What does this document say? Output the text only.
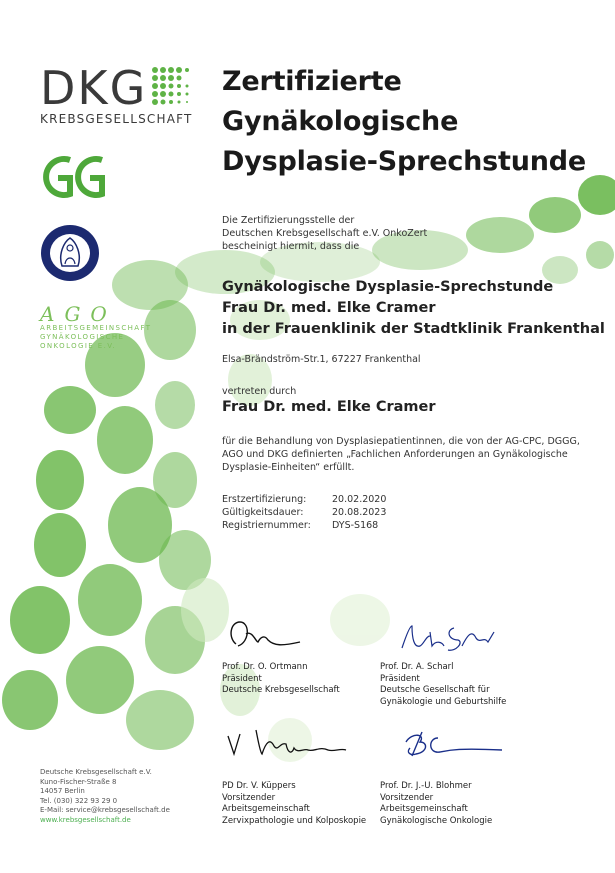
DKG
KREBSGESELLSCHAFT
AGO
ARBEITSGEMEINSCHAFT
GYNÄKOLOGISCHE
ONKOLOGIE E.V.
Zertifizierte
Gynäkologische
Dysplasie-Sprechstunde
Die Zertifizierungsstelle der
Deutschen Krebsgesellschaft e.V. OnkoZert
bescheinigt hiermit, dass die
Gynäkologische Dysplasie-Sprechstunde
Frau Dr. med. Elke Cramer
in der Frauenklinik der Stadtklinik Frankenthal
Elsa-Brändström-Str.1, 67227 Frankenthal
vertreten durch
Frau Dr. med. Elke Cramer
für die Behandlung von Dysplasiepatientinnen, die von der AG-CPC, DGGG,
AGO und DKG definierten „Fachlichen Anforderungen an Gynäkologische
Dysplasie-Einheiten“ erfüllt.
Erstzertifizierung:	20.02.2020
Gültigkeitsdauer:	20.08.2023
Registriernummer:	DYS-S168
Prof. Dr. O. Ortmann
Präsident
Deutsche Krebsgesellschaft
Prof. Dr. A. Scharl
Präsident
Deutsche Gesellschaft für
Gynäkologie und Geburtshilfe
PD Dr. V. Küppers
Vorsitzender
Arbeitsgemeinschaft
Zervixpathologie und Kolposkopie
Prof. Dr. J.-U. Blohmer
Vorsitzender
Arbeitsgemeinschaft
Gynäkologische Onkologie
Deutsche Krebsgesellschaft e.V.
Kuno-Fischer-Straße 8
14057 Berlin
Tel. (030) 322 93 29 0
E-Mail: service@krebsgesellschaft.de
www.krebsgesellschaft.de
